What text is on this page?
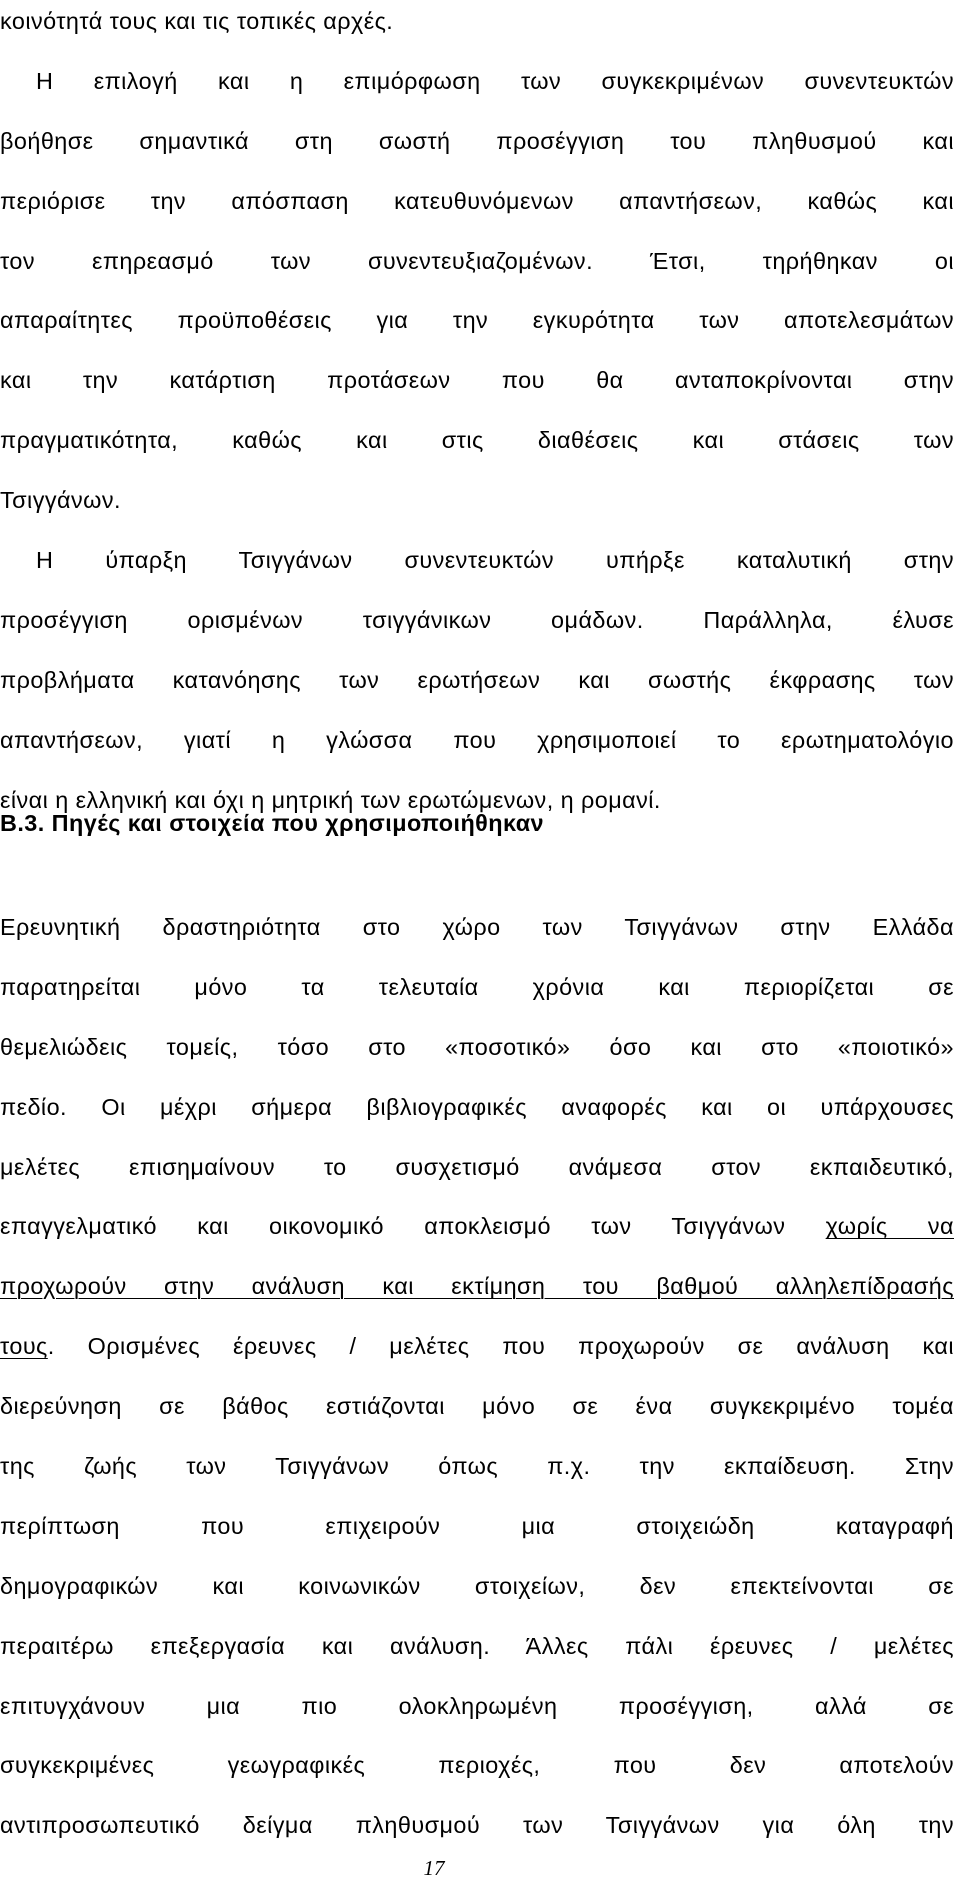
κοινότητά τους και τις τοπικές αρχές.
Η επιλογή και η επιμόρφωση των συγκεκριμένων συνεντευκτών
βοήθησε σημαντικά στη σωστή προσέγγιση του πληθυσμού και
περιόρισε την απόσπαση κατευθυνόμενων απαντήσεων, καθώς και
τον επηρεασμό των συνεντευξιαζομένων. Έτσι, τηρήθηκαν οι
απαραίτητες προϋποθέσεις για την εγκυρότητα των αποτελεσμάτων
και την κατάρτιση προτάσεων που θα ανταποκρίνονται στην
πραγματικότητα, καθώς και στις διαθέσεις και στάσεις των
Τσιγγάνων.
Η ύπαρξη Τσιγγάνων συνεντευκτών υπήρξε καταλυτική στην
προσέγγιση ορισμένων τσιγγάνικων ομάδων. Παράλληλα, έλυσε
προβλήματα κατανόησης των ερωτήσεων και σωστής έκφρασης των
απαντήσεων, γιατί η γλώσσα που χρησιμοποιεί το ερωτηματολόγιο
είναι η ελληνική και όχι η μητρική των ερωτώμενων, η ρομανί.
Β.3. Πηγές και στοιχεία που χρησιμοποιήθηκαν
Ερευνητική δραστηριότητα στο χώρο των Τσιγγάνων στην Ελλάδα
παρατηρείται μόνο τα τελευταία χρόνια και περιορίζεται σε
θεμελιώδεις τομείς, τόσο στο «ποσοτικό» όσο και στο «ποιοτικό»
πεδίο. Οι μέχρι σήμερα βιβλιογραφικές αναφορές και οι υπάρχουσες
μελέτες επισημαίνουν το συσχετισμό ανάμεσα στον εκπαιδευτικό,
επαγγελματικό και οικονομικό αποκλεισμό των Τσιγγάνων χωρίς να
προχωρούν στην ανάλυση και εκτίμηση του βαθμού αλληλεπίδρασής
τους. Ορισμένες έρευνες / μελέτες που προχωρούν σε ανάλυση και
διερεύνηση σε βάθος εστιάζονται μόνο σε ένα συγκεκριμένο τομέα
της ζωής των Τσιγγάνων όπως π.χ. την εκπαίδευση. Στην
περίπτωση που επιχειρούν μια στοιχειώδη καταγραφή
δημογραφικών και κοινωνικών στοιχείων, δεν επεκτείνονται σε
περαιτέρω επεξεργασία και ανάλυση. Άλλες πάλι έρευνες / μελέτες
επιτυγχάνουν μια πιο ολοκληρωμένη προσέγγιση, αλλά σε
συγκεκριμένες γεωγραφικές περιοχές, που δεν αποτελούν
αντιπροσωπευτικό δείγμα πληθυσμού των Τσιγγάνων για όλη την
17
